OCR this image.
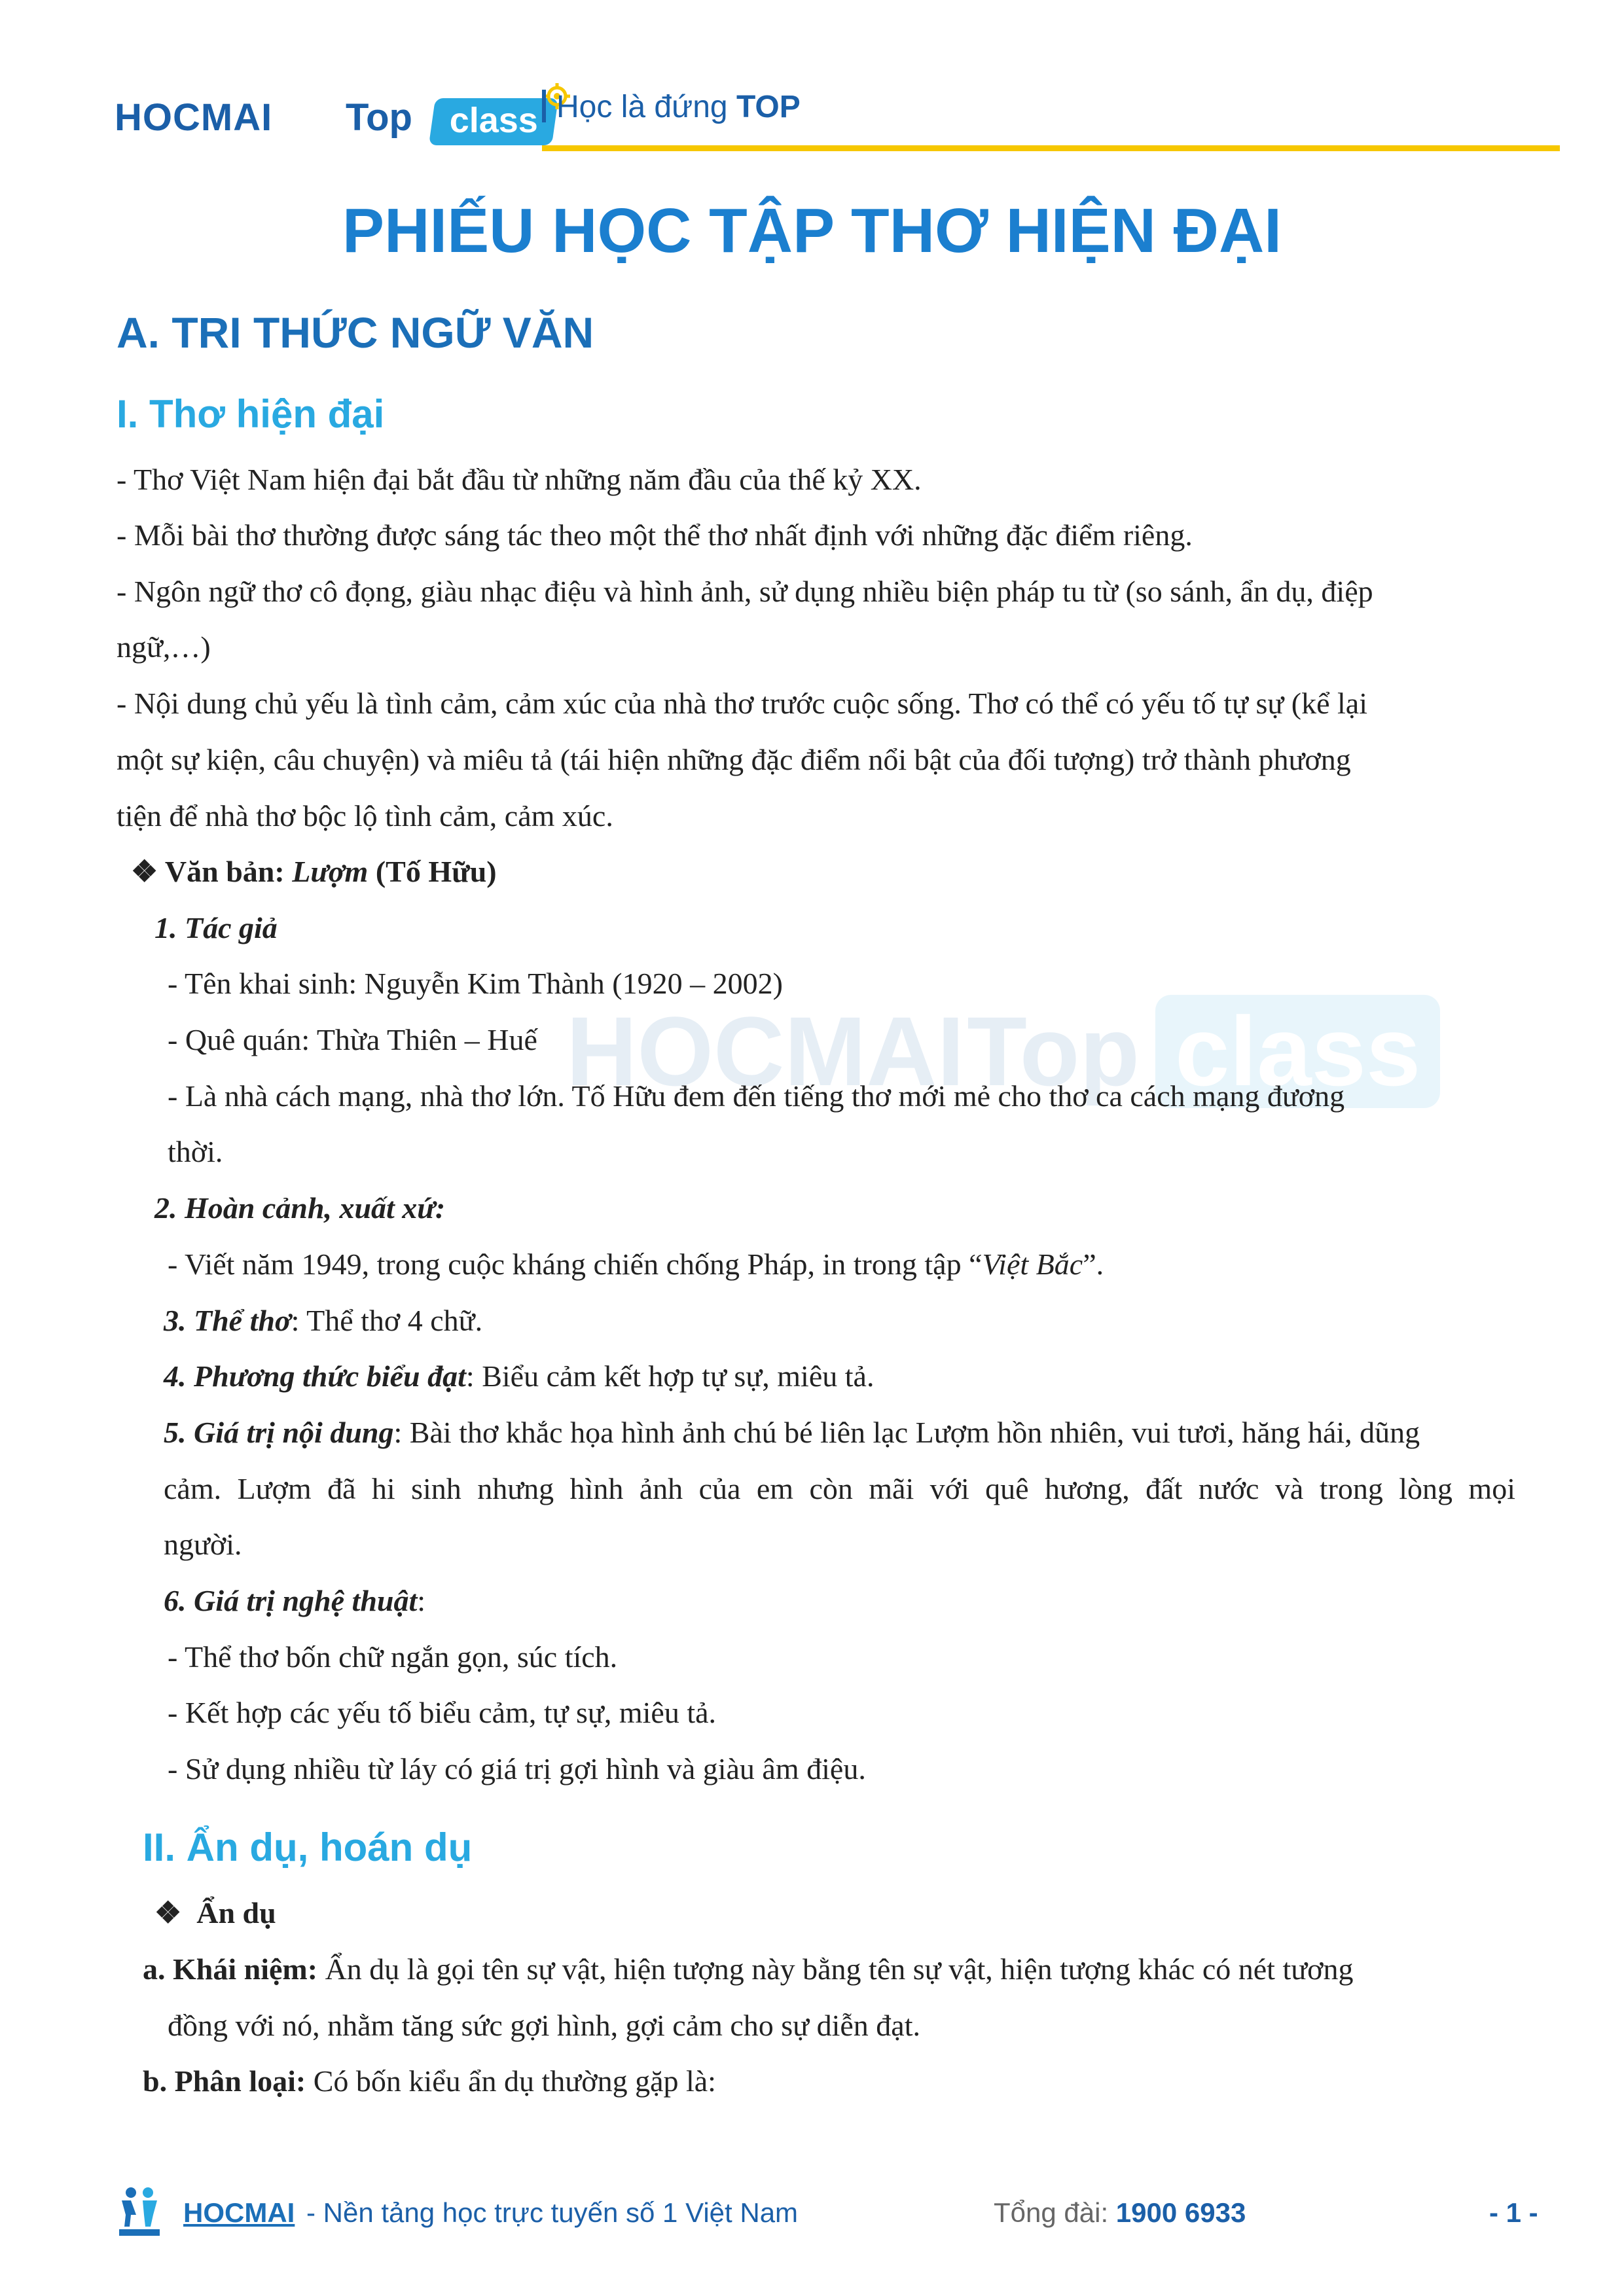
HOCMAI Top	class Học là đứng TOP
HOCMAI Top class
PHIẾU HỌC TẬP THƠ HIỆN ĐẠI
A. TRI THỨC NGỮ VĂN
I. Thơ hiện đại
- Thơ Việt Nam hiện đại bắt đầu từ những năm đầu của thế kỷ XX.
- Mỗi bài thơ thường được sáng tác theo một thể thơ nhất định với những đặc điểm riêng.
- Ngôn ngữ thơ cô đọng, giàu nhạc điệu và hình ảnh, sử dụng nhiều biện pháp tu từ (so sánh, ẩn dụ, điệp
ngữ,…)
- Nội dung chủ yếu là tình cảm, cảm xúc của nhà thơ trước cuộc sống. Thơ có thể có yếu tố tự sự (kể lại
một sự kiện, câu chuyện) và miêu tả (tái hiện những đặc điểm nổi bật của đối tượng) trở thành phương
tiện để nhà thơ bộc lộ tình cảm, cảm xúc.
❖ Văn bản: Lượm (Tố Hữu)
1. Tác giả
- Tên khai sinh: Nguyễn Kim Thành (1920 – 2002)
- Quê quán: Thừa Thiên – Huế
- Là nhà cách mạng, nhà thơ lớn. Tố Hữu đem đến tiếng thơ mới mẻ cho thơ ca cách mạng đương
thời.
2. Hoàn cảnh, xuất xứ:
- Viết năm 1949, trong cuộc kháng chiến chống Pháp, in trong tập “Việt Bắc”.
3. Thể thơ: Thể thơ 4 chữ.
4. Phương thức biểu đạt: Biểu cảm kết hợp tự sự, miêu tả.
5. Giá trị nội dung: Bài thơ khắc họa hình ảnh chú bé liên lạc Lượm hồn nhiên, vui tươi, hăng hái, dũng
cảm. Lượm đã hi sinh nhưng hình ảnh của em còn mãi với quê hương, đất nước và trong lòng mọi
người.
6. Giá trị nghệ thuật:
- Thể thơ bốn chữ ngắn gọn, súc tích.
- Kết hợp các yếu tố biểu cảm, tự sự, miêu tả.
- Sử dụng nhiều từ láy có giá trị gợi hình và giàu âm điệu.
II. Ẩn dụ, hoán dụ
❖ Ẩn dụ
a. Khái niệm: Ẩn dụ là gọi tên sự vật, hiện tượng này bằng tên sự vật, hiện tượng khác có nét tương
đồng với nó, nhằm tăng sức gợi hình, gợi cảm cho sự diễn đạt.
b. Phân loại: Có bốn kiểu ẩn dụ thường gặp là:
HOCMAI - Nền tảng học trực tuyến số 1 Việt Nam	Tổng đài: 1900 6933	- 1 -
